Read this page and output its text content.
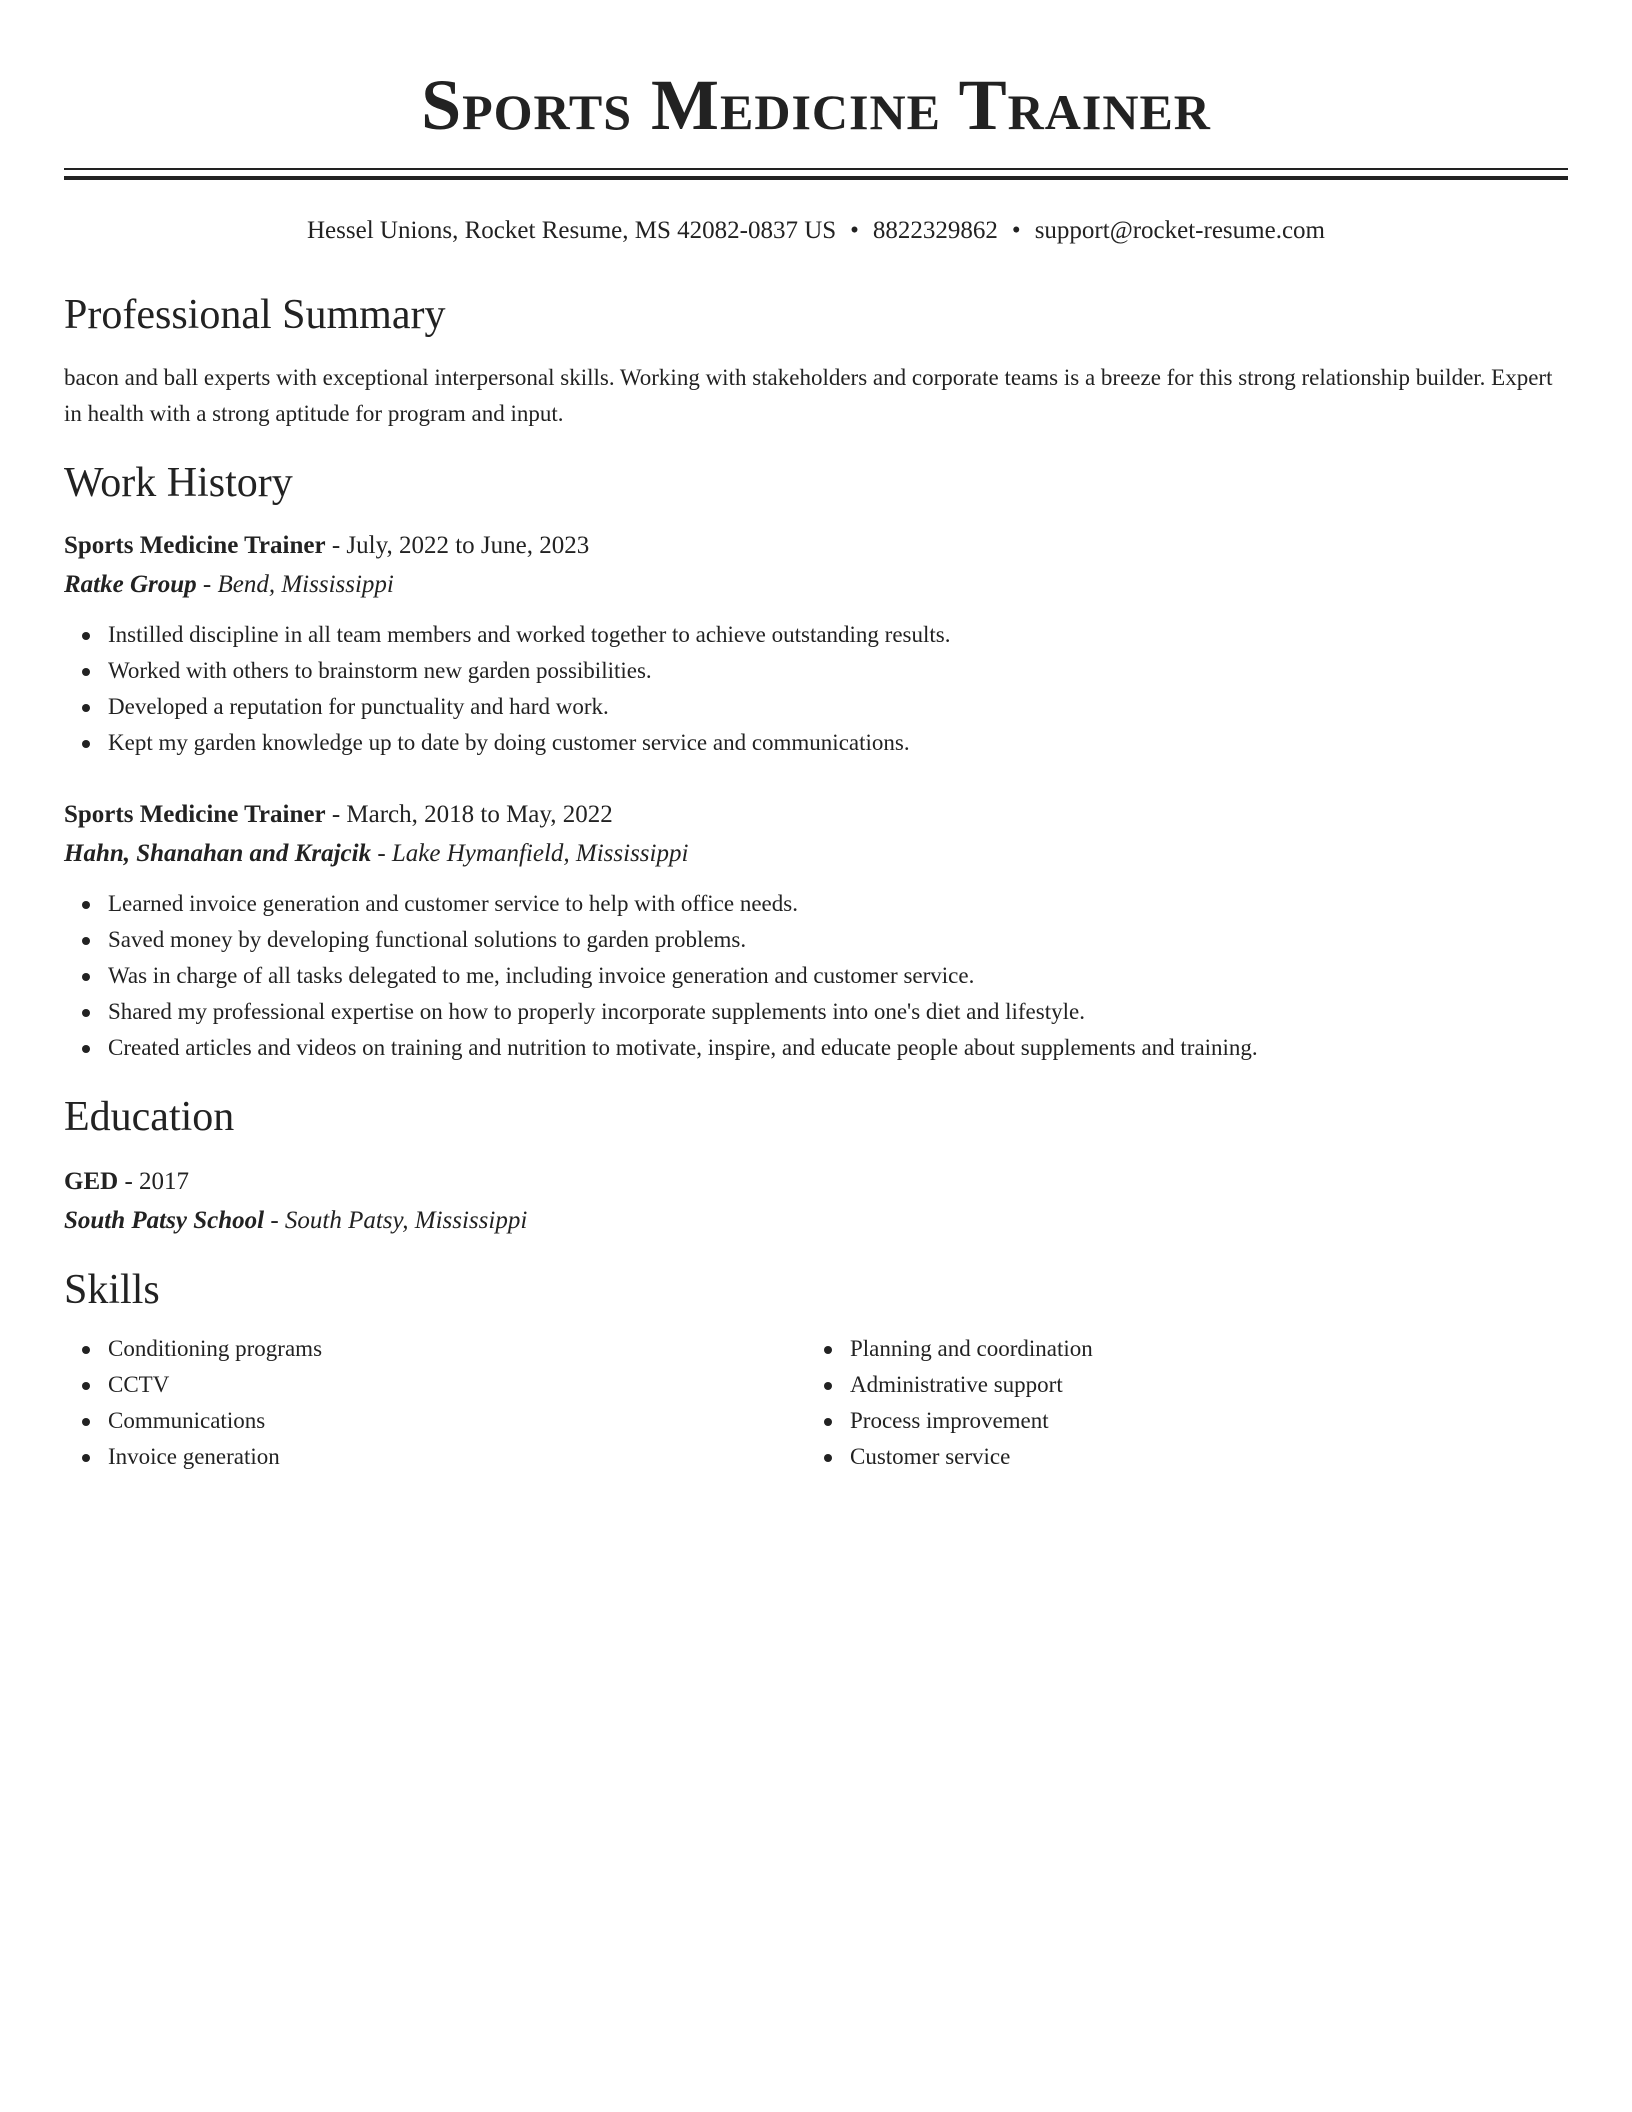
Sports Medicine Trainer
Hessel Unions, Rocket Resume, MS 42082-0837 US • 8822329862 • support@rocket-resume.com
Professional Summary
bacon and ball experts with exceptional interpersonal skills. Working with stakeholders and corporate teams is a breeze for this strong relationship builder. Expert in health with a strong aptitude for program and input.
Work History
Sports Medicine Trainer - July, 2022 to June, 2023
Ratke Group - Bend, Mississippi
Instilled discipline in all team members and worked together to achieve outstanding results.
Worked with others to brainstorm new garden possibilities.
Developed a reputation for punctuality and hard work.
Kept my garden knowledge up to date by doing customer service and communications.
Sports Medicine Trainer - March, 2018 to May, 2022
Hahn, Shanahan and Krajcik - Lake Hymanfield, Mississippi
Learned invoice generation and customer service to help with office needs.
Saved money by developing functional solutions to garden problems.
Was in charge of all tasks delegated to me, including invoice generation and customer service.
Shared my professional expertise on how to properly incorporate supplements into one's diet and lifestyle.
Created articles and videos on training and nutrition to motivate, inspire, and educate people about supplements and training.
Education
GED - 2017
South Patsy School - South Patsy, Mississippi
Skills
Conditioning programs
CCTV
Communications
Invoice generation
Planning and coordination
Administrative support
Process improvement
Customer service
